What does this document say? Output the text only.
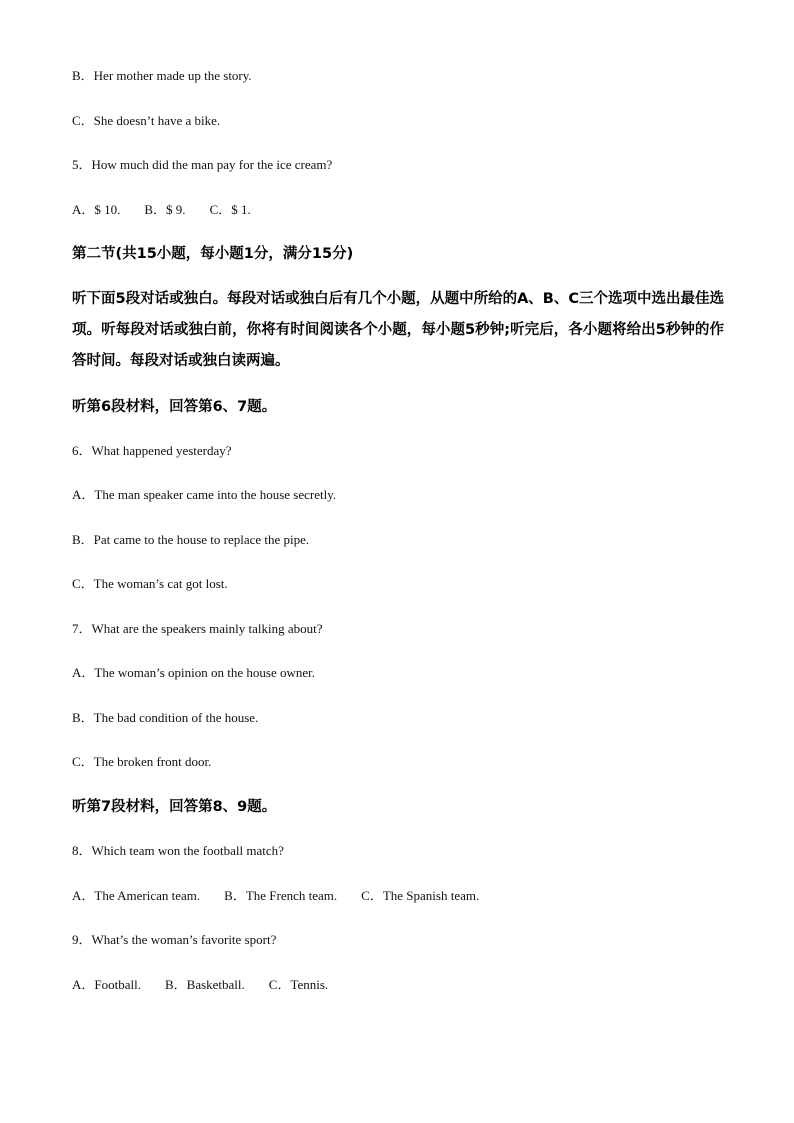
B．Her mother made up the story.
C．She doesn’t have a bike.
5．How much did the man pay for the ice cream?
A．$ 10. B．$ 9. C．$ 1.
第二节(共15小题，每小题1分，满分15分)
听下面5段对话或独白。每段对话或独白后有几个小题，从题中所给的A、B、C三个选项中选出最佳选项。听每段对话或独白前，你将有时间阅读各个小题，每小题5秒钟;听完后，各小题将给出5秒钟的作答时间。每段对话或独白读两遍。
听第6段材料，回答第6、7题。
6．What happened yesterday?
A．The man speaker came into the house secretly.
B．Pat came to the house to replace the pipe.
C．The woman’s cat got lost.
7．What are the speakers mainly talking about?
A．The woman’s opinion on the house owner.
B．The bad condition of the house.
C．The broken front door.
听第7段材料，回答第8、9题。
8．Which team won the football match?
A．The American team. B．The French team. C．The Spanish team.
9．What’s the woman’s favorite sport?
A．Football. B．Basketball. C．Tennis.
